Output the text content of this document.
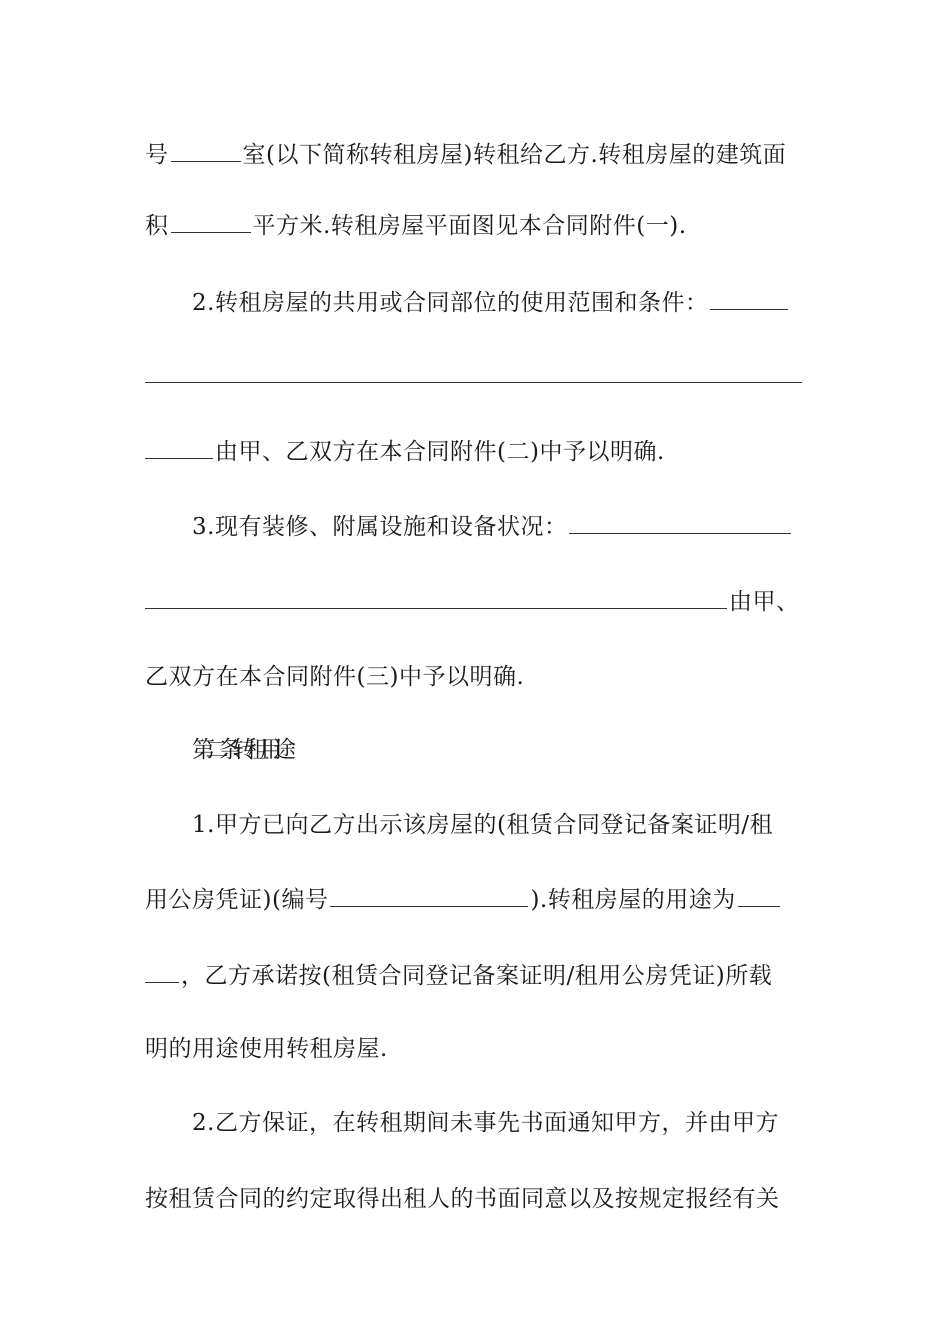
号	室(以下简称转租房屋)转租给乙方.转租房屋的建筑面
积	平方米.转租房屋平面图见本合同附件(一).
2.转租房屋的共用或合同部位的使用范围和条件：
由甲、乙双方在本合同附件(二)中予以明确.
3.现有装修、附属设施和设备状况：
由甲、
乙双方在本合同附件(三)中予以明确.
第二条转租用途
1.甲方已向乙方出示该房屋的(租赁合同登记备案证明/租
用公房凭证)(编号	).转租房屋的用途为
，乙方承诺按(租赁合同登记备案证明/租用公房凭证)所载
明的用途使用转租房屋.
2.乙方保证，在转租期间未事先书面通知甲方，并由甲方
按租赁合同的约定取得出租人的书面同意以及按规定报经有关
